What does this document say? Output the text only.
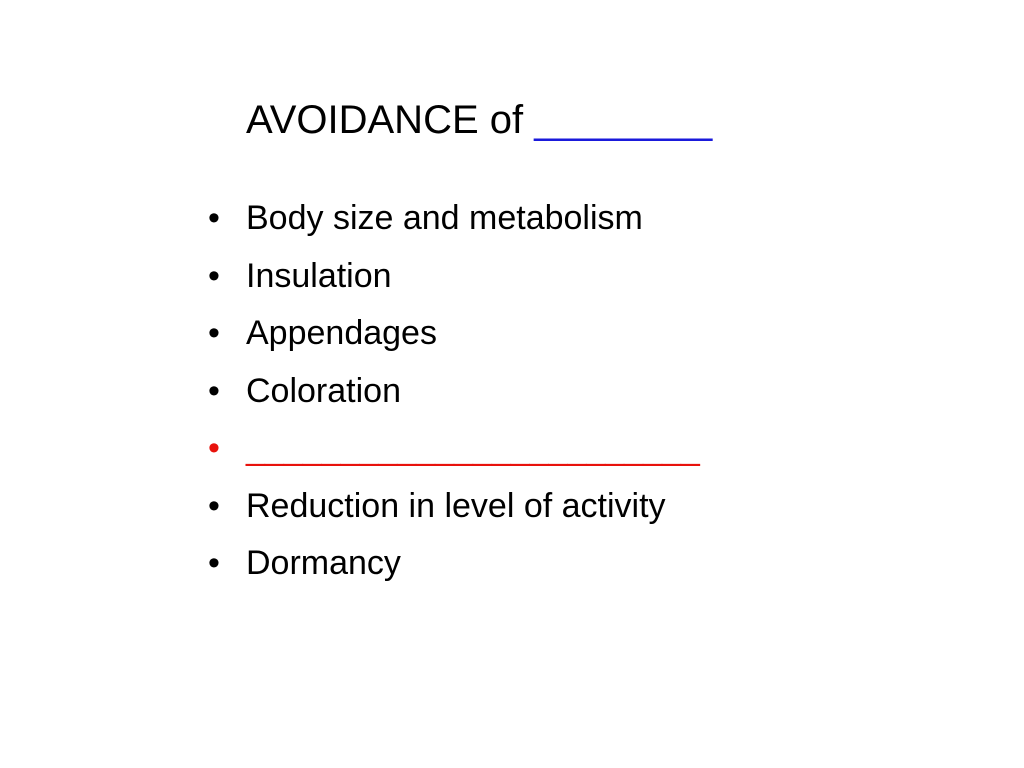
AVOIDANCE of ________
• Body size and metabolism
• Insulation
• Appendages
• Coloration
• ________________________
• Reduction in level of activity
• Dormancy
